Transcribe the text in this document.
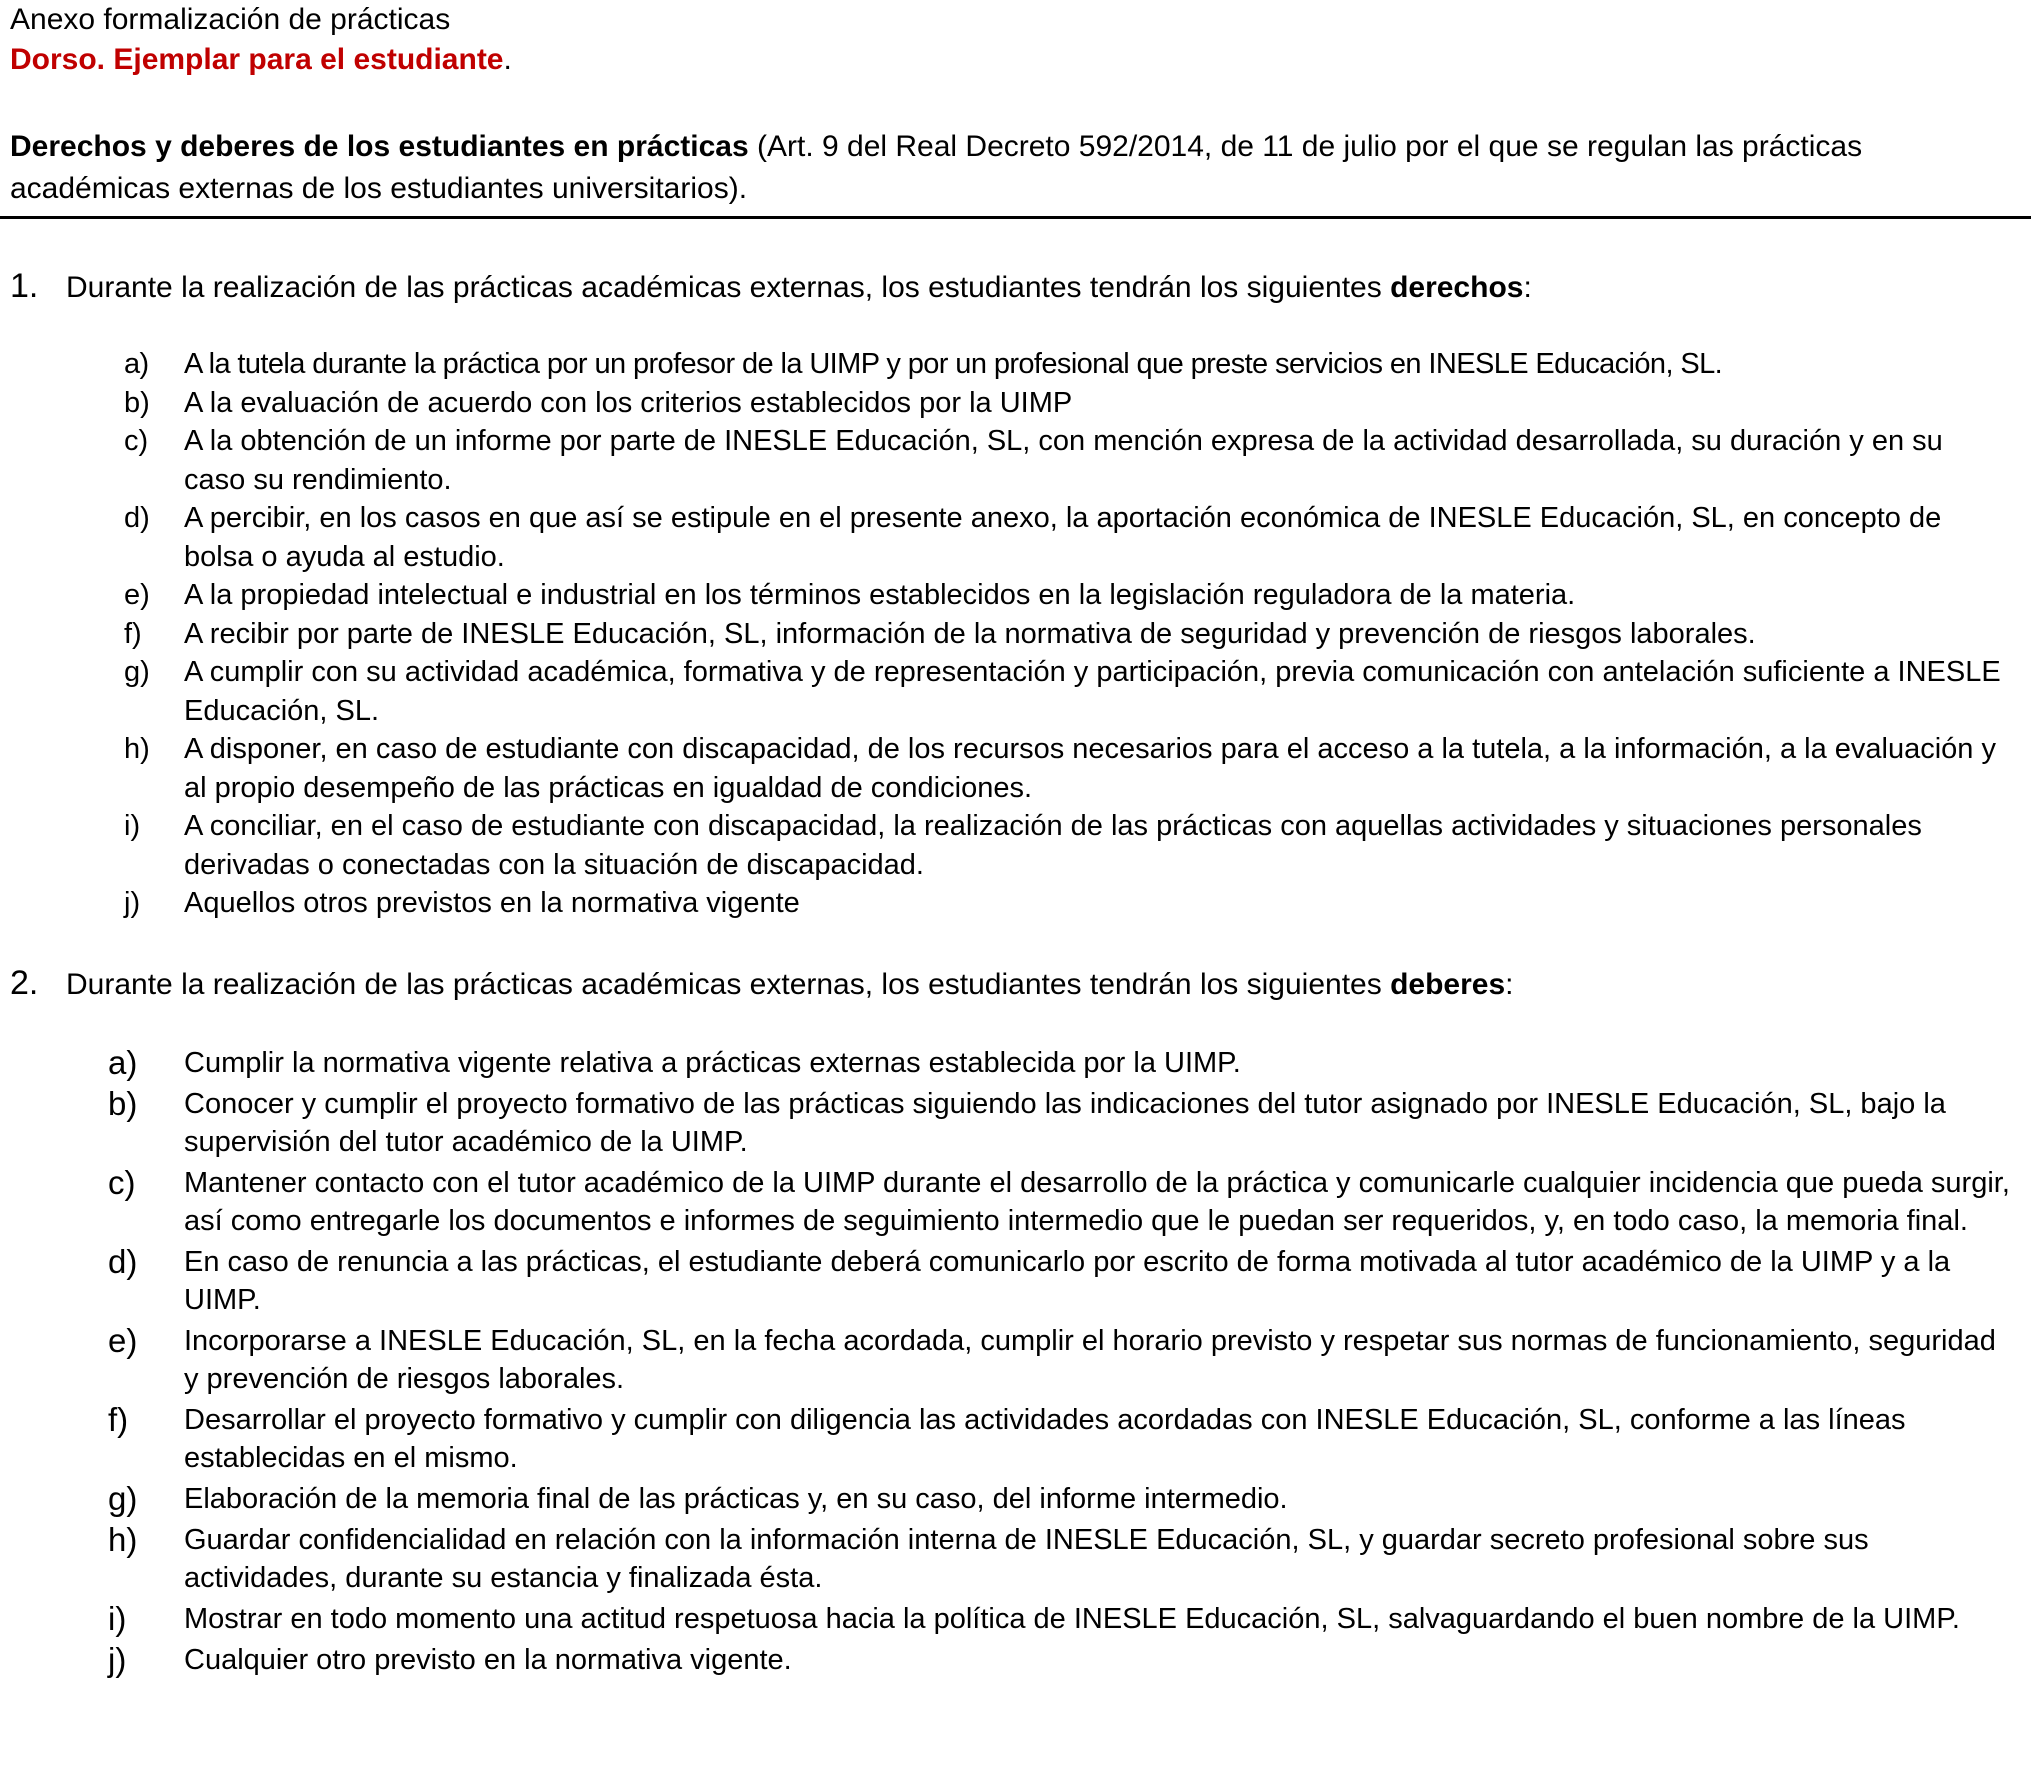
Anexo formalización de prácticas
Dorso. Ejemplar para el estudiante.
Derechos y deberes de los estudiantes en prácticas (Art. 9 del Real Decreto 592/2014, de 11 de julio por el que se regulan las prácticas académicas externas de los estudiantes universitarios).
1. Durante la realización de las prácticas académicas externas, los estudiantes tendrán los siguientes derechos:
a) A la tutela durante la práctica por un profesor de la UIMP y por un profesional que preste servicios en INESLE Educación, SL.
b) A la evaluación de acuerdo con los criterios establecidos por la UIMP
c) A la obtención de un informe por parte de INESLE Educación, SL, con mención expresa de la actividad desarrollada, su duración y en su caso su rendimiento.
d) A percibir, en los casos en que así se estipule en el presente anexo, la aportación económica de INESLE Educación, SL, en concepto de bolsa o ayuda al estudio.
e) A la propiedad intelectual e industrial en los términos establecidos en la legislación reguladora de la materia.
f) A recibir por parte de INESLE Educación, SL, información de la normativa de seguridad y prevención de riesgos laborales.
g) A cumplir con su actividad académica, formativa y de representación y participación, previa comunicación con antelación suficiente a INESLE Educación, SL.
h) A disponer, en caso de estudiante con discapacidad, de los recursos necesarios para el acceso a la tutela, a la información, a la evaluación y al propio desempeño de las prácticas en igualdad de condiciones.
i) A conciliar, en el caso de estudiante con discapacidad, la realización de las prácticas con aquellas actividades y situaciones personales derivadas o conectadas con la situación de discapacidad.
j) Aquellos otros previstos en la normativa vigente
2. Durante la realización de las prácticas académicas externas, los estudiantes tendrán los siguientes deberes:
a) Cumplir la normativa vigente relativa a prácticas externas establecida por la UIMP.
b) Conocer y cumplir el proyecto formativo de las prácticas siguiendo las indicaciones del tutor asignado por INESLE Educación, SL, bajo la supervisión del tutor académico de la UIMP.
c) Mantener contacto con el tutor académico de la UIMP durante el desarrollo de la práctica y comunicarle cualquier incidencia que pueda surgir, así como entregarle los documentos e informes de seguimiento intermedio que le puedan ser requeridos, y, en todo caso, la memoria final.
d) En caso de renuncia a las prácticas, el estudiante deberá comunicarlo por escrito de forma motivada al tutor académico de la UIMP y a la UIMP.
e) Incorporarse a INESLE Educación, SL, en la fecha acordada, cumplir el horario previsto y respetar sus normas de funcionamiento, seguridad y prevención de riesgos laborales.
f) Desarrollar el proyecto formativo y cumplir con diligencia las actividades acordadas con INESLE Educación, SL, conforme a las líneas establecidas en el mismo.
g) Elaboración de la memoria final de las prácticas y, en su caso, del informe intermedio.
h) Guardar confidencialidad en relación con la información interna de INESLE Educación, SL, y guardar secreto profesional sobre sus actividades, durante su estancia y finalizada ésta.
i) Mostrar en todo momento una actitud respetuosa hacia la política de INESLE Educación, SL, salvaguardando el buen nombre de la UIMP.
j) Cualquier otro previsto en la normativa vigente.
